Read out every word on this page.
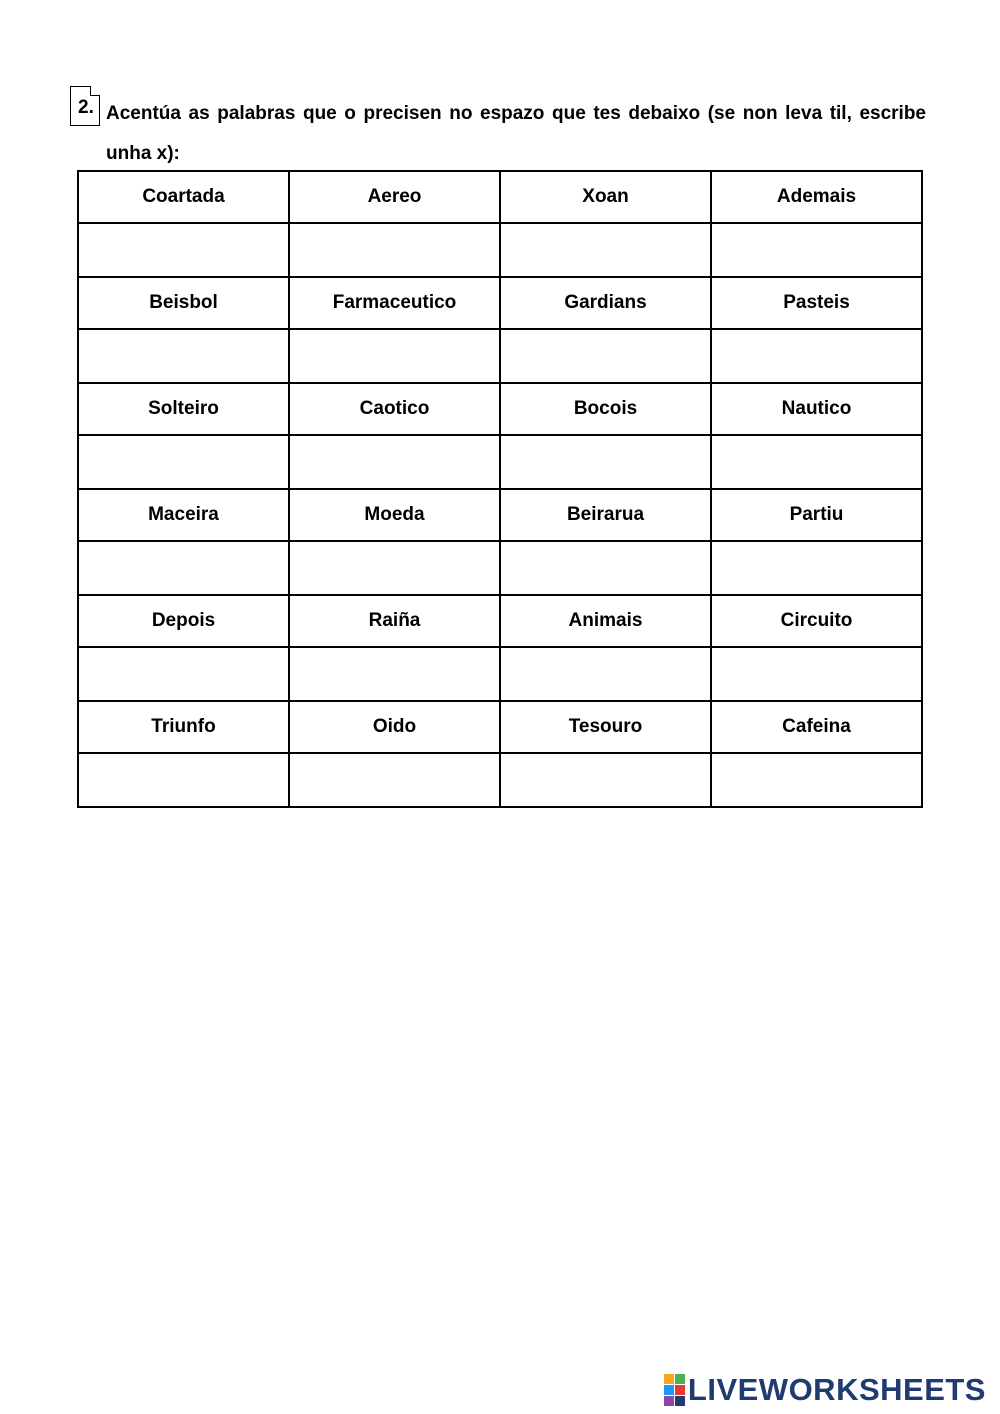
2. Acentúa as palabras que o precisen no espazo que tes debaixo (se non leva til, escribe unha x):
Coartada	Aereo	Xoan	Ademais

Beisbol	Farmaceutico	Gardians	Pasteis

Solteiro	Caotico	Bocois	Nautico

Maceira	Moeda	Beirarua	Partiu

Depois	Raiña	Animais	Circuito

Triunfo	Oido	Tesouro	Cafeina

LIVEWORKSHEETS
